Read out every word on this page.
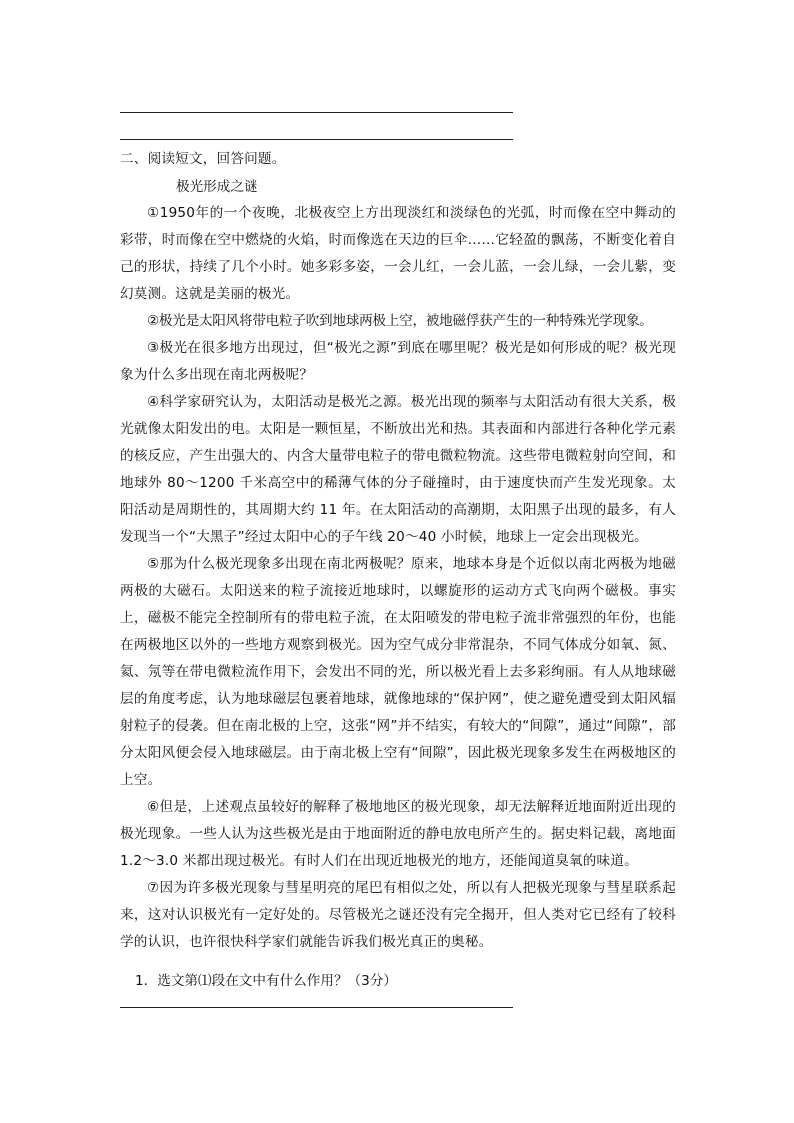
二、阅读短文，回答问题。
极光形成之谜

①1950年的一个夜晚，北极夜空上方出现淡红和淡绿色的光弧，时而像在空中舞动的彩带，时而像在空中燃烧的火焰，时而像选在天边的巨伞……它轻盈的飘荡，不断变化着自己的形状，持续了几个小时。她多彩多姿，一会儿红，一会儿蓝，一会儿绿，一会儿紫，变幻莫测。这就是美丽的极光。

②极光是太阳风将带电粒子吹到地球两极上空，被地磁俘获产生的一种特殊光学现象。

③极光在很多地方出现过，但“极光之源”到底在哪里呢？极光是如何形成的呢？极光现象为什么多出现在南北两极呢？

④科学家研究认为，太阳活动是极光之源。极光出现的频率与太阳活动有很大关系，极光就像太阳发出的电。太阳是一颗恒星，不断放出光和热。其表面和内部进行各种化学元素的核反应，产生出强大的、内含大量带电粒子的带电微粒物流。这些带电微粒射向空间，和地球外 80～1200 千米高空中的稀薄气体的分子碰撞时，由于速度快而产生发光现象。太阳活动是周期性的，其周期大约 11 年。在太阳活动的高潮期，太阳黑子出现的最多，有人发现当一个“大黑子”经过太阳中心的子午线 20～40 小时候，地球上一定会出现极光。

⑤那为什么极光现象多出现在南北两极呢？原来，地球本身是个近似以南北两极为地磁两极的大磁石。太阳送来的粒子流接近地球时，以螺旋形的运动方式飞向两个磁极。事实上，磁极不能完全控制所有的带电粒子流，在太阳喷发的带电粒子流非常强烈的年份，也能在两极地区以外的一些地方观察到极光。因为空气成分非常混杂，不同气体成分如氧、氮、氦、氖等在带电微粒流作用下，会发出不同的光，所以极光看上去多彩绚丽。有人从地球磁层的角度考虑，认为地球磁层包裹着地球，就像地球的“保护网”，使之避免遭受到太阳风辐射粒子的侵袭。但在南北极的上空，这张“网”并不结实，有较大的“间隙”，通过“间隙”，部分太阳风便会侵入地球磁层。由于南北极上空有“间隙”，因此极光现象多发生在两极地区的上空。

⑥但是，上述观点虽较好的解释了极地地区的极光现象，却无法解释近地面附近出现的极光现象。一些人认为这些极光是由于地面附近的静电放电所产生的。据史料记载，离地面 1.2～3.0 米都出现过极光。有时人们在出现近地极光的地方，还能闻道臭氧的味道。

⑦因为许多极光现象与彗星明亮的尾巴有相似之处，所以有人把极光现象与彗星联系起来，这对认识极光有一定好处的。尽管极光之谜还没有完全揭开，但人类对它已经有了较科学的认识，也许很快科学家们就能告诉我们极光真正的奥秘。

1．选文第⑴段在文中有什么作用？（3分）
